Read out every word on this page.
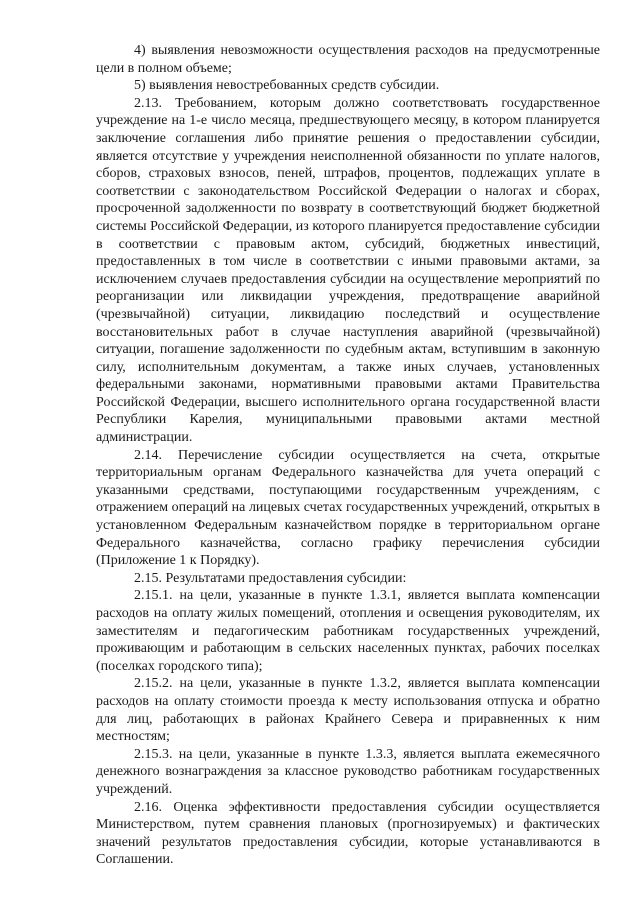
4) выявления невозможности осуществления расходов на предусмотренные цели в полном объеме;

5) выявления невостребованных средств субсидии.

2.13. Требованием, которым должно соответствовать государственное учреждение на 1-е число месяца, предшествующего месяцу, в котором планируется заключение соглашения либо принятие решения о предоставлении субсидии, является отсутствие у учреждения неисполненной обязанности по уплате налогов, сборов, страховых взносов, пеней, штрафов, процентов, подлежащих уплате в соответствии с законодательством Российской Федерации о налогах и сборах, просроченной задолженности по возврату в соответствующий бюджет бюджетной системы Российской Федерации, из которого планируется предоставление субсидии в соответствии с правовым актом, субсидий, бюджетных инвестиций, предоставленных в том числе в соответствии с иными правовыми актами, за исключением случаев предоставления субсидии на осуществление мероприятий по реорганизации или ликвидации учреждения, предотвращение аварийной (чрезвычайной) ситуации, ликвидацию последствий и осуществление восстановительных работ в случае наступления аварийной (чрезвычайной) ситуации, погашение задолженности по судебным актам, вступившим в законную силу, исполнительным документам, а также иных случаев, установленных федеральными законами, нормативными правовыми актами Правительства Российской Федерации, высшего исполнительного органа государственной власти Республики Карелия, муниципальными правовыми актами местной администрации.

2.14. Перечисление субсидии осуществляется на счета, открытые территориальным органам Федерального казначейства для учета операций с указанными средствами, поступающими государственным учреждениям, с отражением операций на лицевых счетах государственных учреждений, открытых в установленном Федеральным казначейством порядке в территориальном органе Федерального казначейства, согласно графику перечисления субсидии (Приложение 1 к Порядку).

2.15. Результатами предоставления субсидии:

2.15.1. на цели, указанные в пункте 1.3.1, является выплата компенсации расходов на оплату жилых помещений, отопления и освещения руководителям, их заместителям и педагогическим работникам государственных учреждений, проживающим и работающим в сельских населенных пунктах, рабочих поселках (поселках городского типа);

2.15.2. на цели, указанные в пункте 1.3.2, является выплата компенсации расходов на оплату стоимости проезда к месту использования отпуска и обратно для лиц, работающих в районах Крайнего Севера и приравненных к ним местностям;

2.15.3. на цели, указанные в пункте 1.3.3, является выплата ежемесячного денежного вознаграждения за классное руководство работникам государственных учреждений.

2.16. Оценка эффективности предоставления субсидии осуществляется Министерством, путем сравнения плановых (прогнозируемых) и фактических значений результатов предоставления субсидии, которые устанавливаются в Соглашении.
